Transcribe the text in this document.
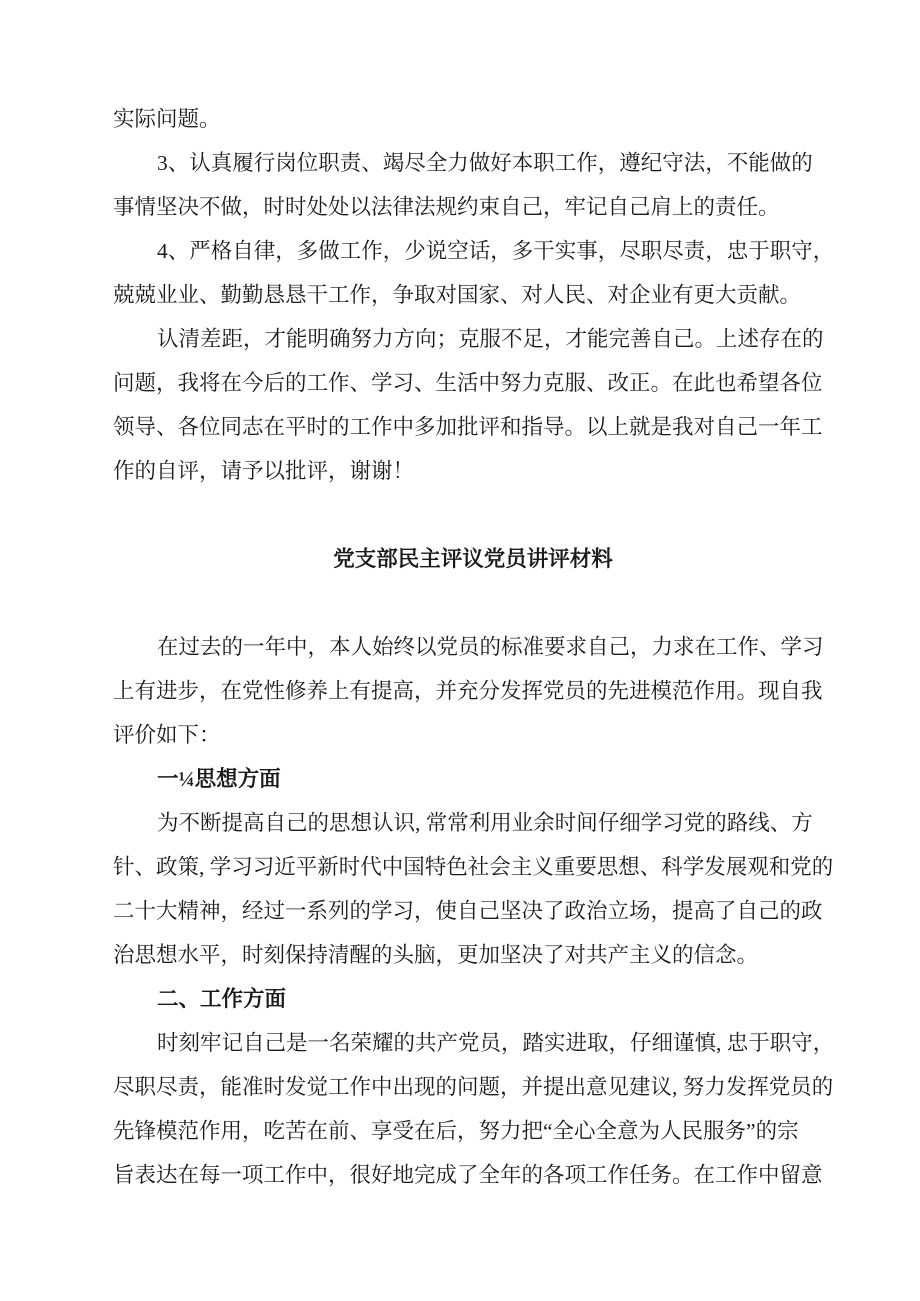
实际问题。
3、认真履行岗位职责、竭尽全力做好本职工作，遵纪守法，不能做的
事情坚决不做，时时处处以法律法规约束自己，牢记自己肩上的责任。
4、严格自律，多做工作，少说空话，多干实事，尽职尽责，忠于职守，
兢兢业业、勤勤恳恳干工作，争取对国家、对人民、对企业有更大贡献。
认清差距，才能明确努力方向；克服不足，才能完善自己。上述存在的
问题，我将在今后的工作、学习、生活中努力克服、改正。在此也希望各位
领导、各位同志在平时的工作中多加批评和指导。以上就是我对自己一年工
作的自评，请予以批评，谢谢！
党支部民主评议党员讲评材料
在过去的一年中，本人始终以党员的标准要求自己，力求在工作、学习
上有进步，在党性修养上有提高，并充分发挥党员的先进模范作用。现自我
评价如下：
一¼思想方面
为不断提高自己的思想认识, 常常利用业余时间仔细学习党的路线、方
针、政策, 学习习近平新时代中国特色社会主义重要思想、科学发展观和党的
二十大精神，经过一系列的学习，使自己坚决了政治立场，提高了自己的政
治思想水平，时刻保持清醒的头脑，更加坚决了对共产主义的信念。
二、工作方面
时刻牢记自己是一名荣耀的共产党员，踏实进取，仔细谨慎, 忠于职守，
尽职尽责，能准时发觉工作中出现的问题，并提出意见建议, 努力发挥党员的
先锋模范作用，吃苦在前、享受在后，努力把“全心全意为人民服务”的宗
旨表达在每一项工作中，很好地完成了全年的各项工作任务。在工作中留意
